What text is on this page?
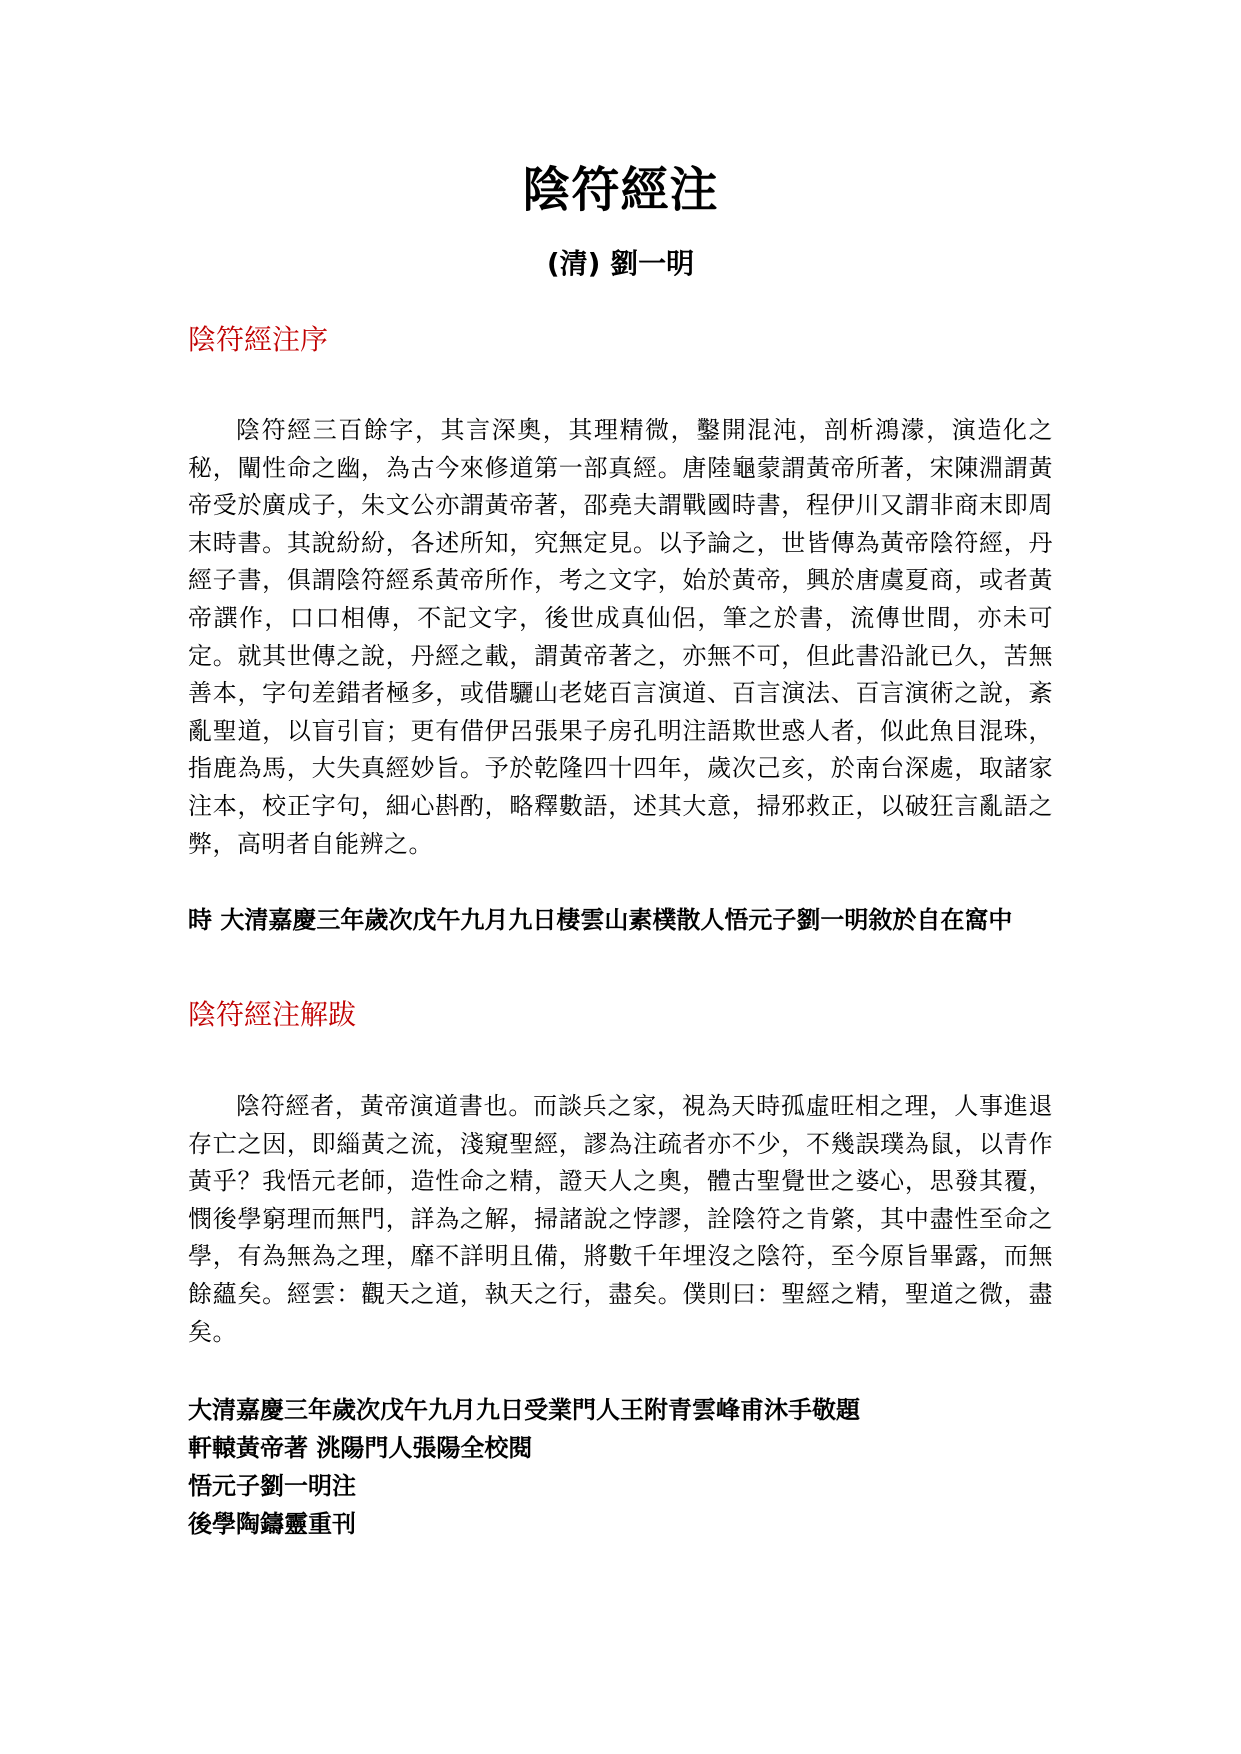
陰符經注
(清) 劉一明
陰符經注序

陰符經三百餘字，其言深奧，其理精微，鑿開混沌，剖析鴻濛，演造化之秘，闡性命之幽，為古今來修道第一部真經。唐陸龜蒙謂黃帝所著，宋陳淵謂黃帝受於廣成子，朱文公亦謂黃帝著，邵堯夫謂戰國時書，程伊川又謂非商末即周末時書。其說紛紛，各述所知，究無定見。以予論之，世皆傳為黃帝陰符經，丹經子書，俱謂陰符經系黃帝所作，考之文字，始於黃帝，興於唐虞夏商，或者黃帝譔作，口口相傳，不記文字，後世成真仙侶，筆之於書，流傳世間，亦未可定。就其世傳之說，丹經之載，謂黃帝著之，亦無不可，但此書沿訛已久，苦無善本，字句差錯者極多，或借驪山老姥百言演道、百言演法、百言演術之說，紊亂聖道，以盲引盲；更有借伊呂張果子房孔明注語欺世惑人者，似此魚目混珠，指鹿為馬，大失真經妙旨。予於乾隆四十四年，歲次己亥，於南台深處，取諸家注本，校正字句，細心斟酌，略釋數語，述其大意，掃邪救正，以破狂言亂語之弊，高明者自能辨之。

時 大清嘉慶三年歲次戊午九月九日棲雲山素樸散人悟元子劉一明敘於自在窩中
陰符經注解跋

陰符經者，黃帝演道書也。而談兵之家，視為天時孤虛旺相之理，人事進退存亡之因，即緇黃之流，淺窺聖經，謬為注疏者亦不少，不幾誤璞為鼠，以青作黃乎？我悟元老師，造性命之精，證天人之奧，體古聖覺世之婆心，思發其覆，憫後學窮理而無門，詳為之解，掃諸說之悖謬，詮陰符之肯綮，其中盡性至命之學，有為無為之理，靡不詳明且備，將數千年埋沒之陰符，至今原旨畢露，而無餘蘊矣。經雲：觀天之道，執天之行，盡矣。僕則曰：聖經之精，聖道之微，盡矣。

大清嘉慶三年歲次戊午九月九日受業門人王附青雲峰甫沐手敬題
軒轅黃帝著 洮陽門人張陽全校閱
悟元子劉一明注
後學陶鑄靈重刊
